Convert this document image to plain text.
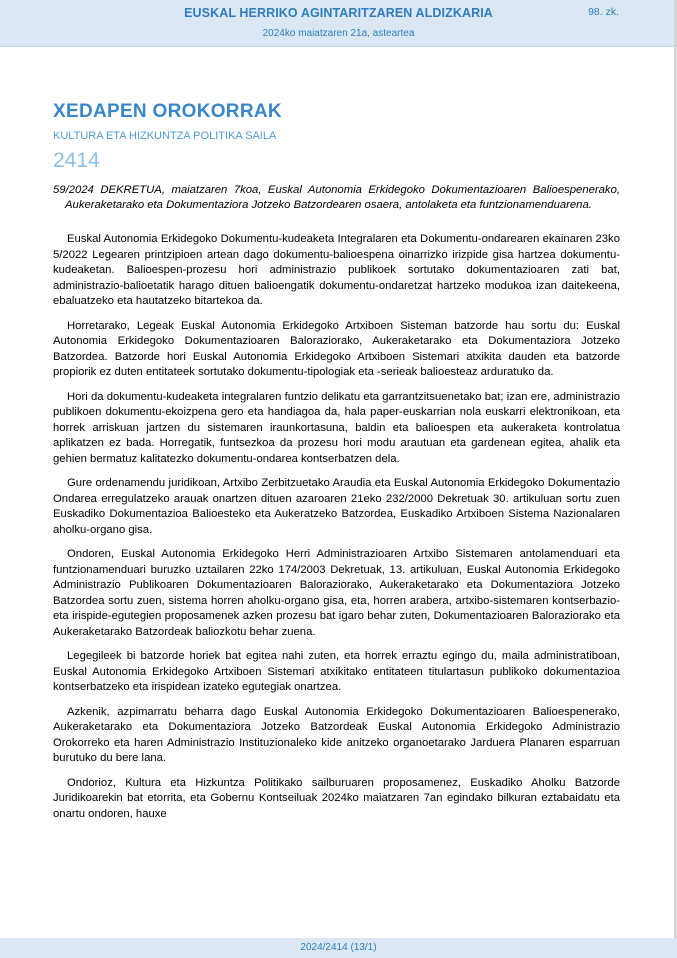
EUSKAL HERRIKO AGINTARITZAREN ALDIZKARIA	98. zk.
2024ko maiatzaren 21a, asteartea
XEDAPEN OROKORRAK
KULTURA ETA HIZKUNTZA POLITIKA SAILA
2414
59/2024 DEKRETUA, maiatzaren 7koa, Euskal Autonomia Erkidegoko Dokumentazioaren Balioespenerako, Aukeraketarako eta Dokumentaziora Jotzeko Batzordearen osaera, antolaketa eta funtzionamenduarena.

Euskal Autonomia Erkidegoko Dokumentu-kudeaketa Integralaren eta Dokumentu-ondarearen ekainaren 23ko 5/2022 Legearen printzipioen artean dago dokumentu-balioespena oinarrizko irizpide gisa hartzea dokumentu-kudeaketan. Balioespen-prozesu hori administrazio publikoek sortutako dokumentazioaren zati bat, administrazio-balioetatik harago dituen balioengatik dokumentu-ondaretzat hartzeko modukoa izan daitekeena, ebaluatzeko eta hautatzeko bitartekoa da.

Horretarako, Legeak Euskal Autonomia Erkidegoko Artxiboen Sisteman batzorde hau sortu du: Euskal Autonomia Erkidegoko Dokumentazioaren Baloraziorako, Aukeraketarako eta Dokumentaziora Jotzeko Batzordea. Batzorde hori Euskal Autonomia Erkidegoko Artxiboen Sistemari atxikita dauden eta batzorde propiorik ez duten entitateek sortutako dokumentu-tipologiak eta -serieak balioesteaz arduratuko da.

Hori da dokumentu-kudeaketa integralaren funtzio delikatu eta garrantzitsuenetako bat; izan ere, administrazio publikoen dokumentu-ekoizpena gero eta handiagoa da, hala paper-euskarrian nola euskarri elektronikoan, eta horrek arriskuan jartzen du sistemaren iraunkortasuna, baldin eta balioespen eta aukeraketa kontrolatua aplikatzen ez bada. Horregatik, funtsezkoa da prozesu hori modu arautuan eta gardenean egitea, ahalik eta gehien bermatuz kalitatezko dokumentu-ondarea kontserbatzen dela.

Gure ordenamendu juridikoan, Artxibo Zerbitzuetako Araudia eta Euskal Autonomia Erkidegoko Dokumentazio Ondarea erregulatzeko arauak onartzen dituen azaroaren 21eko 232/2000 Dekretuak 30. artikuluan sortu zuen Euskadiko Dokumentazioa Balioesteko eta Aukeratzeko Batzordea, Euskadiko Artxiboen Sistema Nazionalaren aholku-organo gisa.

Ondoren, Euskal Autonomia Erkidegoko Herri Administrazioaren Artxibo Sistemaren antolamenduari eta funtzionamenduari buruzko uztailaren 22ko 174/2003 Dekretuak, 13. artikuluan, Euskal Autonomia Erkidegoko Administrazio Publikoaren Dokumentazioaren Baloraziorako, Aukeraketarako eta Dokumentaziora Jotzeko Batzordea sortu zuen, sistema horren aholku-organo gisa, eta, horren arabera, artxibo-sistemaren kontserbazio- eta irispide-egutegien proposamenek azken prozesu bat igaro behar zuten, Dokumentazioaren Baloraziorako eta Aukeraketarako Batzordeak baliozkotu behar zuena.

Legegileek bi batzorde horiek bat egitea nahi zuten, eta horrek erraztu egingo du, maila administratiboan, Euskal Autonomia Erkidegoko Artxiboen Sistemari atxikitako entitateen titulartasun publikoko dokumentazioa kontserbatzeko eta irispidean izateko egutegiak onartzea.

Azkenik, azpimarratu beharra dago Euskal Autonomia Erkidegoko Dokumentazioaren Balioespenerako, Aukeraketarako eta Dokumentaziora Jotzeko Batzordeak Euskal Autonomia Erkidegoko Administrazio Orokorreko eta haren Administrazio Instituzionaleko kide anitzeko organoetarako Jarduera Planaren esparruan burutuko du bere lana.

Ondorioz, Kultura eta Hizkuntza Politikako sailburuaren proposamenez, Euskadiko Aholku Batzorde Juridikoarekin bat etorrita, eta Gobernu Kontseiluak 2024ko maiatzaren 7an egindako bilkuran eztabaidatu eta onartu ondoren, hauxe

2024/2414 (13/1)
